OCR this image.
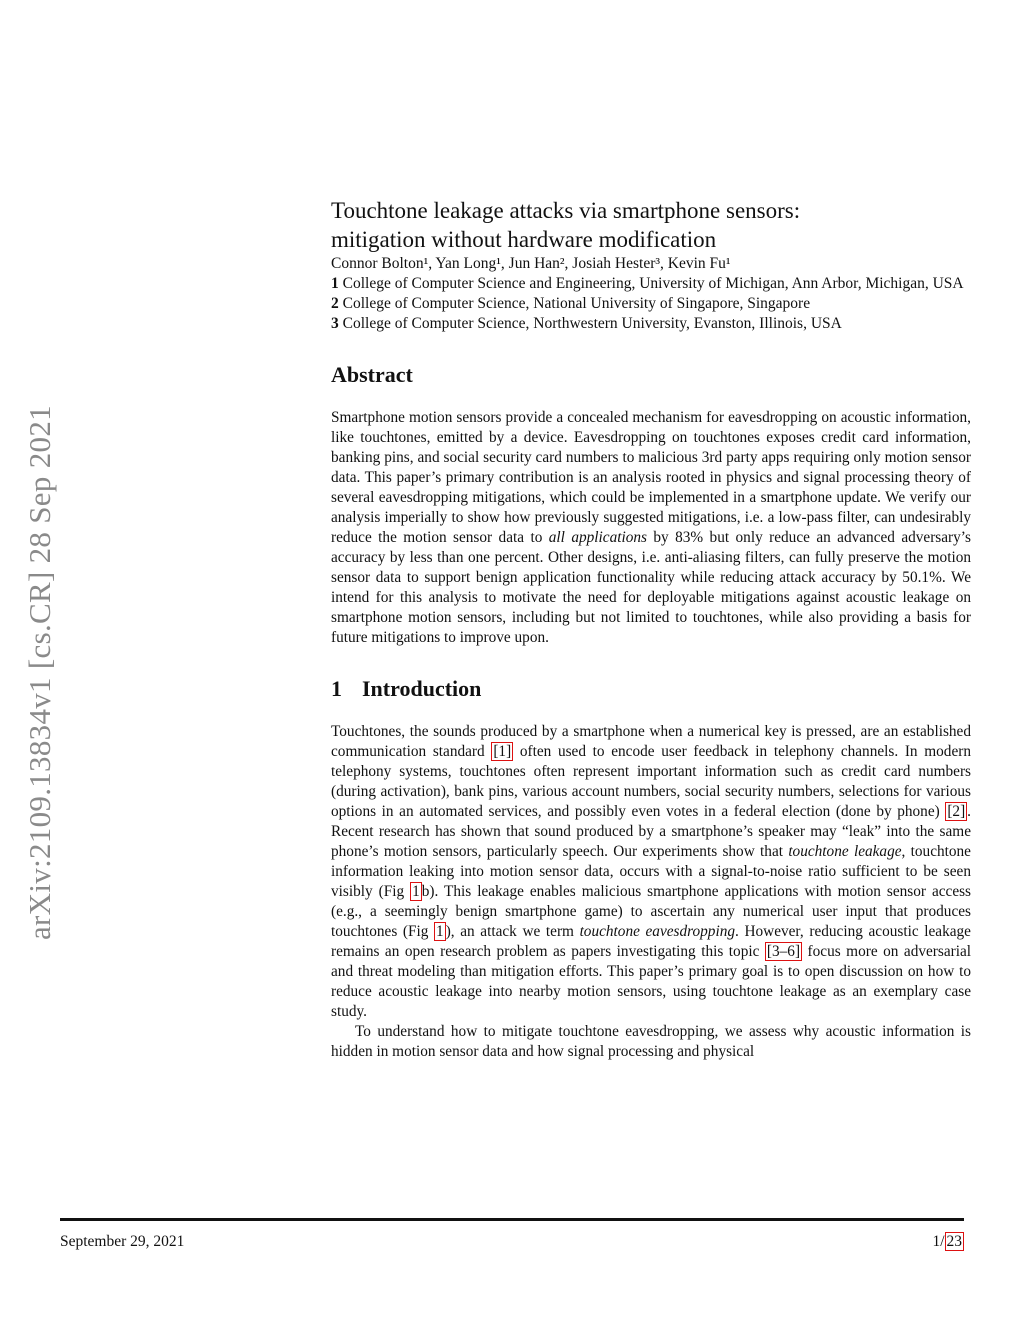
arXiv:2109.13834v1 [cs.CR] 28 Sep 2021

Touchtone leakage attacks via smartphone sensors:

mitigation without hardware modification

Connor Bolton¹, Yan Long¹, Jun Han², Josiah Hester³, Kevin Fu¹

1 College of Computer Science and Engineering, University of Michigan, Ann Arbor, Michigan, USA

2 College of Computer Science, National University of Singapore, Singapore

3 College of Computer Science, Northwestern University, Evanston, Illinois, USA

Abstract

Smartphone motion sensors provide a concealed mechanism for eavesdropping on acoustic information, like touchtones, emitted by a device. Eavesdropping on touchtones exposes credit card information, banking pins, and social security card numbers to malicious 3rd party apps requiring only motion sensor data. This paper’s primary contribution is an analysis rooted in physics and signal processing theory of several eavesdropping mitigations, which could be implemented in a smartphone update. We verify our analysis imperially to show how previously suggested mitigations, i.e. a low-pass filter, can undesirably reduce the motion sensor data to all applications by 83% but only reduce an advanced adversary’s accuracy by less than one percent. Other designs, i.e. anti-aliasing filters, can fully preserve the motion sensor data to support benign application functionality while reducing attack accuracy by 50.1%. We intend for this analysis to motivate the need for deployable mitigations against acoustic leakage on smartphone motion sensors, including but not limited to touchtones, while also providing a basis for future mitigations to improve upon.

1 Introduction

Touchtones, the sounds produced by a smartphone when a numerical key is pressed, are an established communication standard [1] often used to encode user feedback in telephony channels. In modern telephony systems, touchtones often represent important information such as credit card numbers (during activation), bank pins, various account numbers, social security numbers, selections for various options in an automated services, and possibly even votes in a federal election (done by phone) [2] . Recent research has shown that sound produced by a smartphone’s speaker may “leak” into the same phone’s motion sensors, particularly speech. Our experiments show that touchtone leakage, touchtone information leaking into motion sensor data, occurs with a signal-to-noise ratio sufficient to be seen visibly (Fig 1 b). This leakage enables malicious smartphone applications with motion sensor access (e.g., a seemingly benign smartphone game) to ascertain any numerical user input that produces touchtones (Fig 1 ), an attack we term touchtone eavesdropping. However, reducing acoustic leakage remains an open research problem as papers investigating this topic [3–6] focus more on adversarial and threat modeling than mitigation efforts. This paper’s primary goal is to open discussion on how to reduce acoustic leakage into nearby motion sensors, using touchtone leakage as an exemplary case study.

To understand how to mitigate touchtone eavesdropping, we assess why acoustic information is hidden in motion sensor data and how signal processing and physical

September 29, 2021	1/ 23
